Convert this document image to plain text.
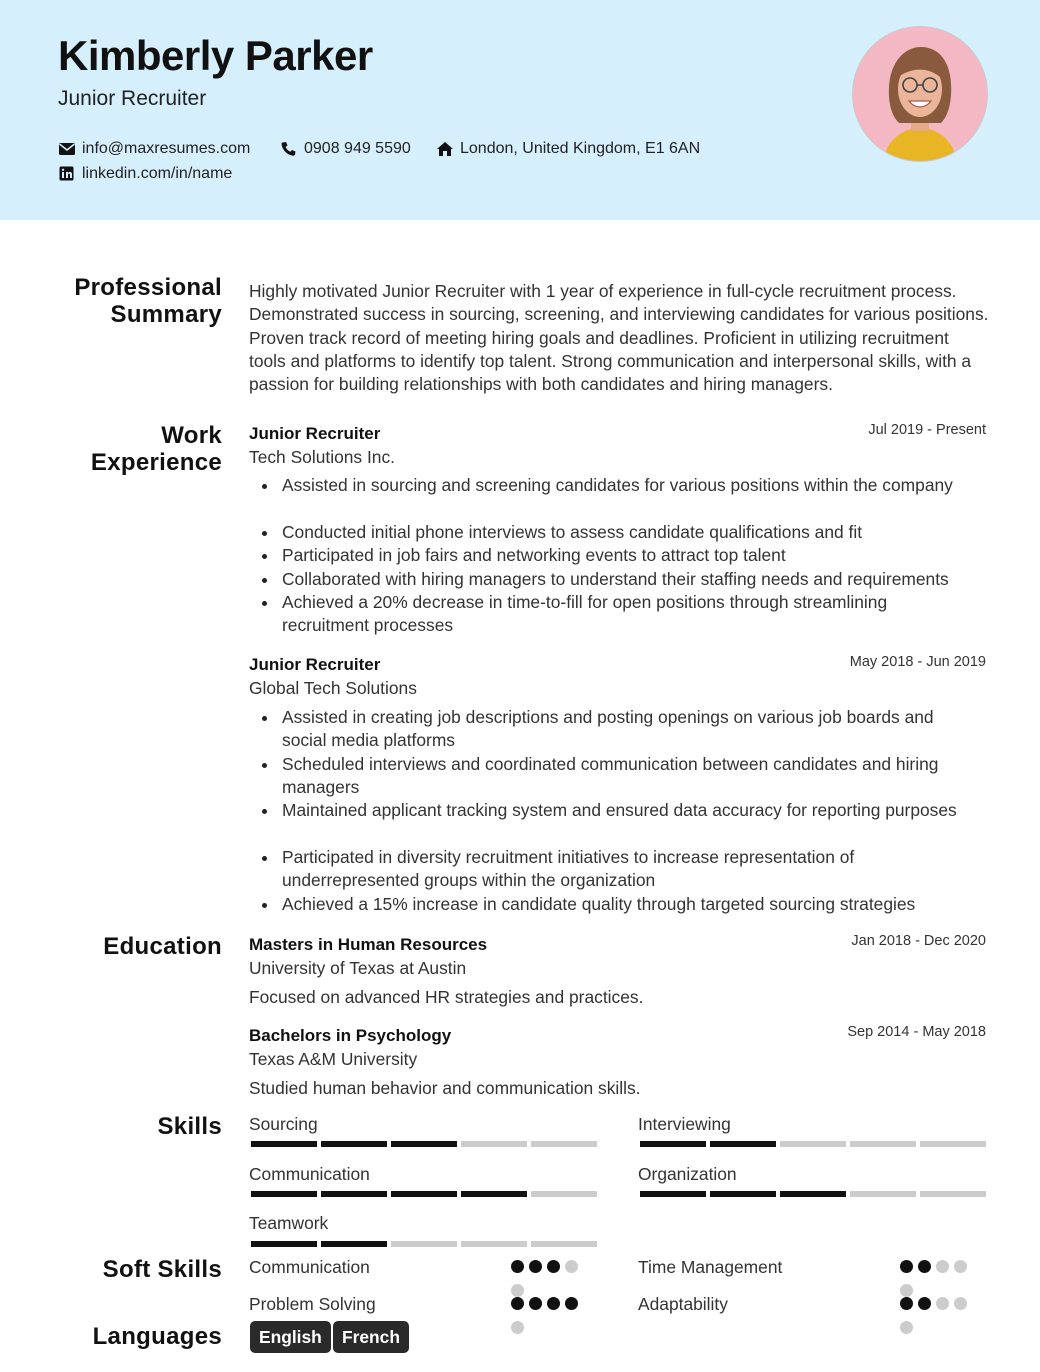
Kimberly Parker
Junior Recruiter
info@maxresumes.com	0908 949 5590	London, United Kingdom, E1 6AN
linkedin.com/in/name
Professional
Summary
Highly motivated Junior Recruiter with 1 year of experience in full-cycle recruitment process. Demonstrated success in sourcing, screening, and interviewing candidates for various positions. Proven track record of meeting hiring goals and deadlines. Proficient in utilizing recruitment tools and platforms to identify top talent. Strong communication and interpersonal skills, with a passion for building relationships with both candidates and hiring managers.
Work
Experience
Junior Recruiter	Jul 2019 - Present
Tech Solutions Inc.
Assisted in sourcing and screening candidates for various positions within the company
Conducted initial phone interviews to assess candidate qualifications and fit
Participated in job fairs and networking events to attract top talent
Collaborated with hiring managers to understand their staffing needs and requirements
Achieved a 20% decrease in time-to-fill for open positions through streamlining recruitment processes
Junior Recruiter	May 2018 - Jun 2019
Global Tech Solutions
Assisted in creating job descriptions and posting openings on various job boards and social media platforms
Scheduled interviews and coordinated communication between candidates and hiring managers
Maintained applicant tracking system and ensured data accuracy for reporting purposes
Participated in diversity recruitment initiatives to increase representation of underrepresented groups within the organization
Achieved a 15% increase in candidate quality through targeted sourcing strategies
Education Masters in Human Resources	Jan 2018 - Dec 2020
University of Texas at Austin
Focused on advanced HR strategies and practices.
Bachelors in Psychology	Sep 2014 - May 2018
Texas A&M University
Studied human behavior and communication skills.
Skills Sourcing	Interviewing
Communication	Organization
Teamwork
Soft Skills Communication	Time Management
Problem Solving	Adaptability
Languages	English	French
